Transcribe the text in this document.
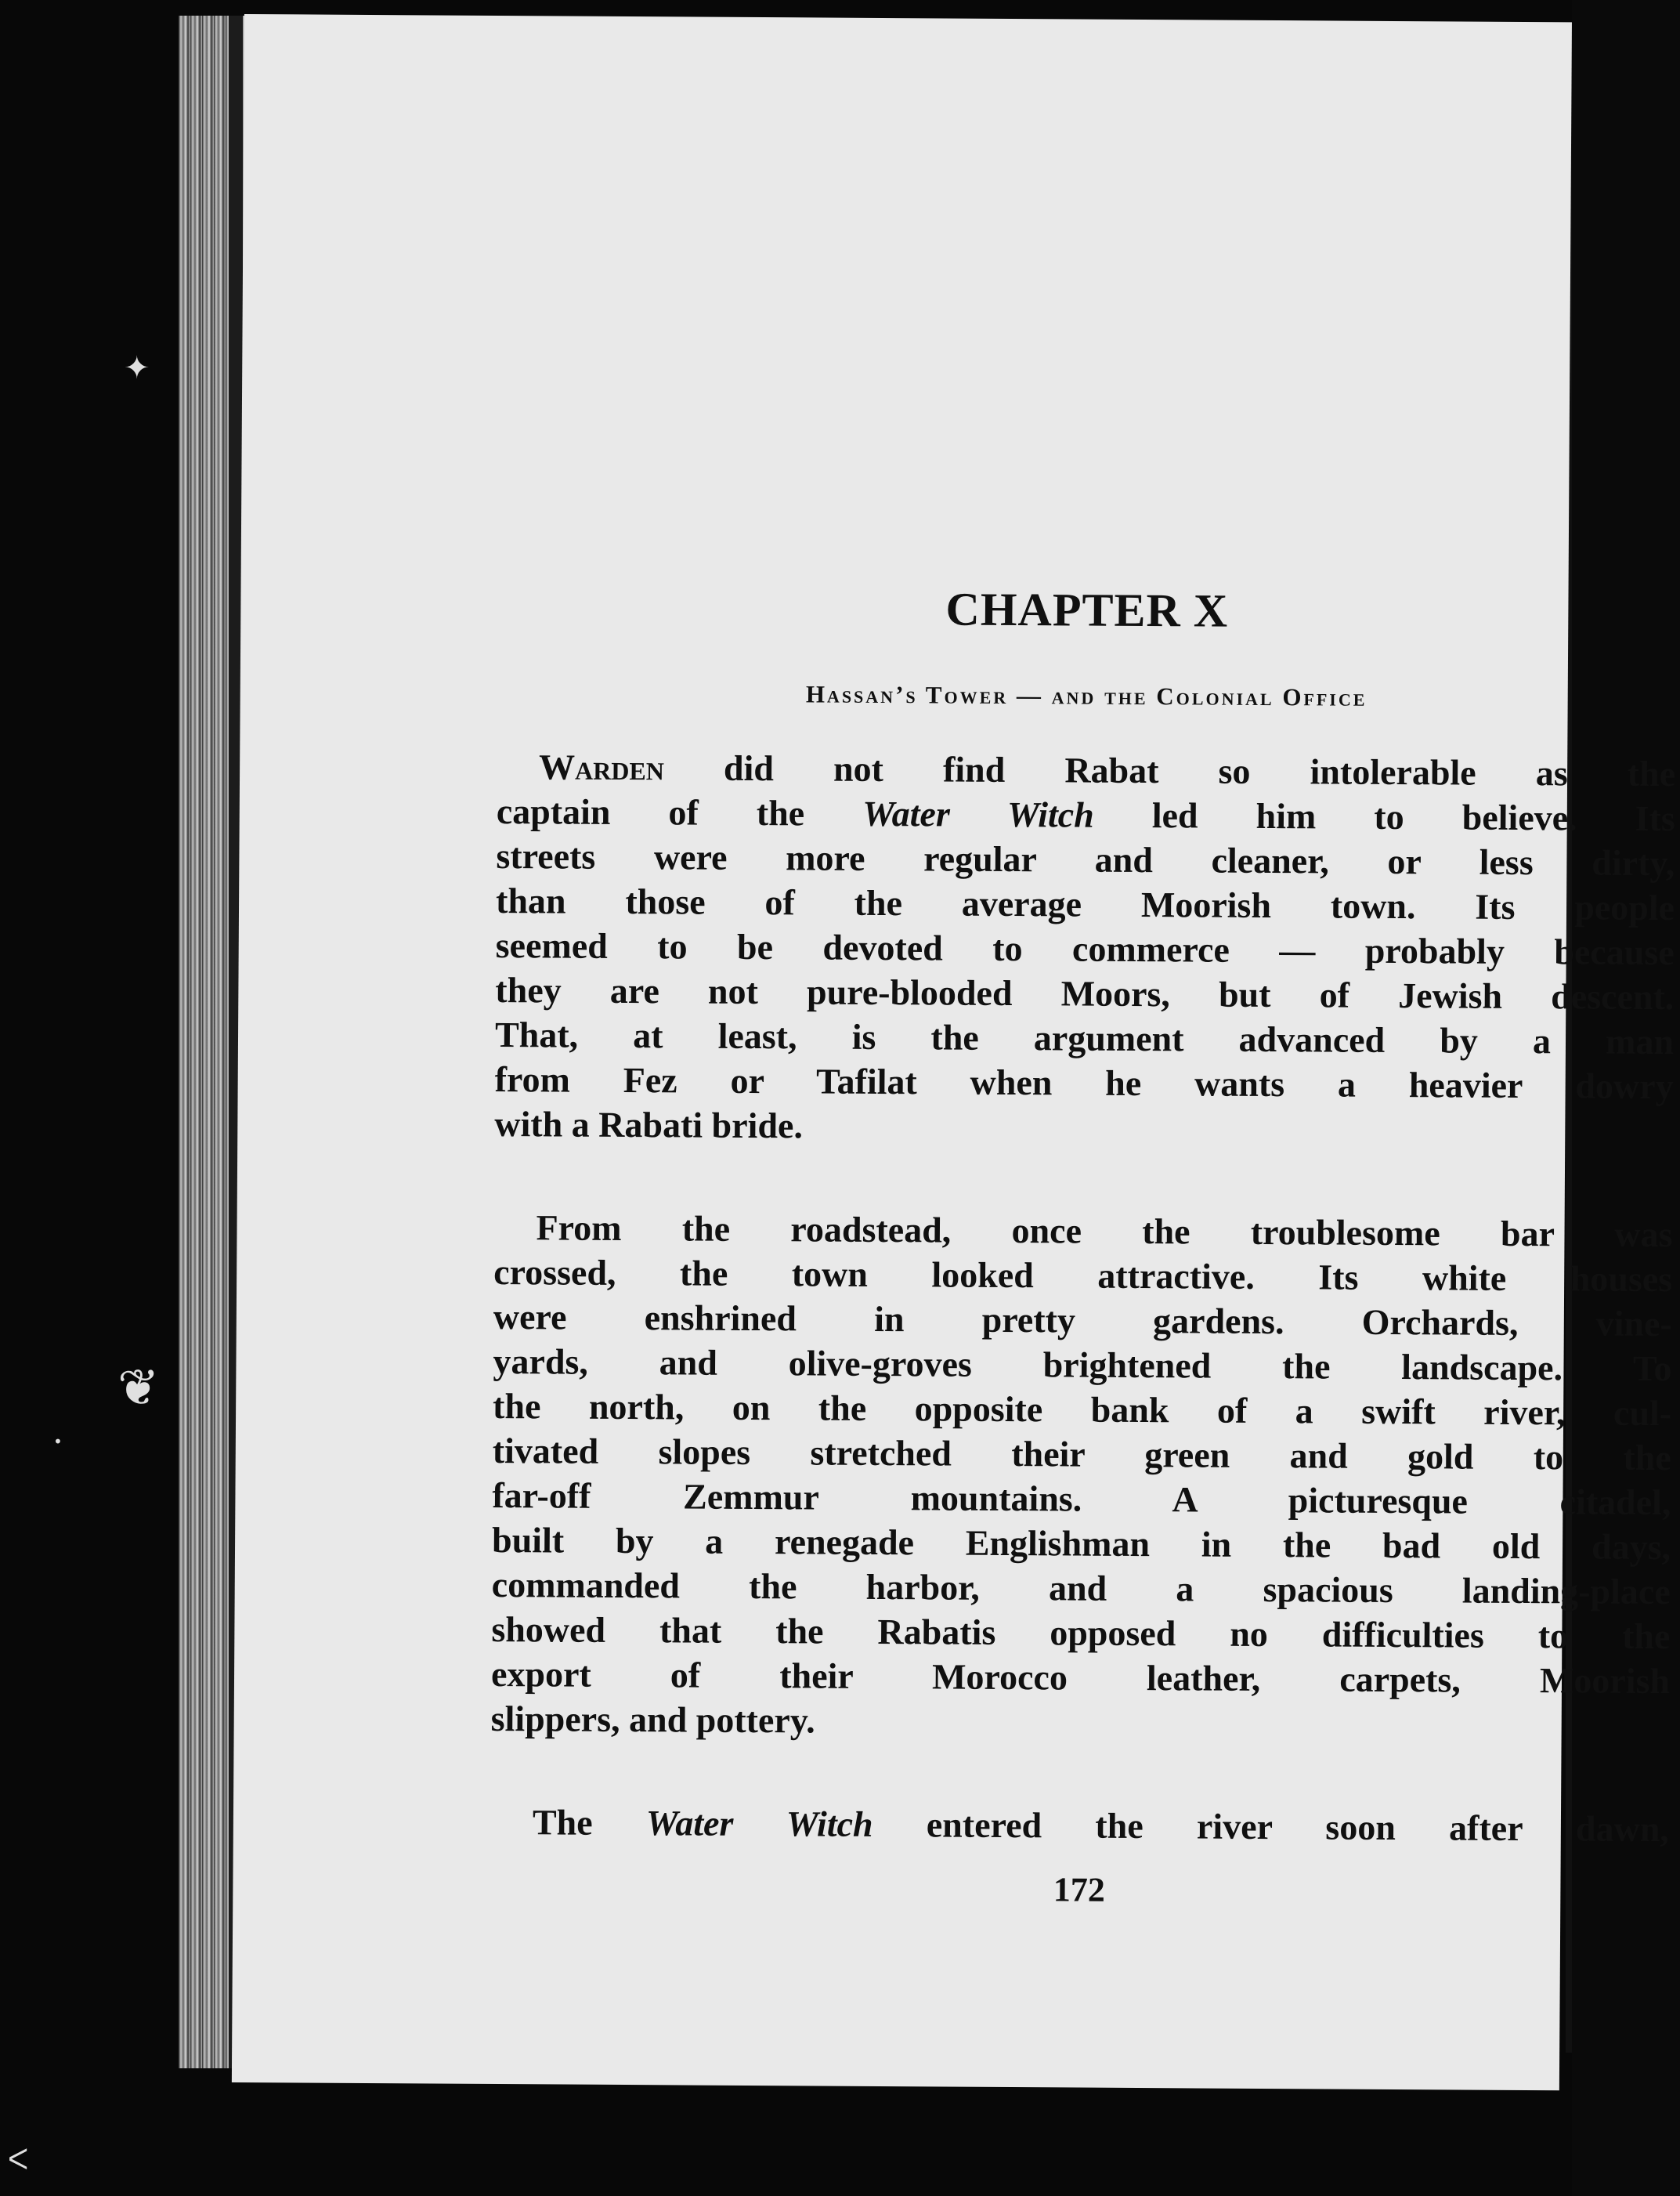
✦
❦
•
ᐸ
CHAPTER X
Hassan’s Tower — and the Colonial Office

Warden did not find Rabat so intolerable as the
captain of the Water Witch led him to believe. Its
streets were more regular and cleaner, or less dirty,
than those of the average Moorish town. Its people
seemed to be devoted to commerce — probably because
they are not pure-blooded Moors, but of Jewish descent.
That, at least, is the argument advanced by a man
from Fez or Tafilat when he wants a heavier dowry
with a Rabati bride.

From the roadstead, once the troublesome bar was
crossed, the town looked attractive. Its white houses
were enshrined in pretty gardens. Orchards, vine-
yards, and olive-groves brightened the landscape. To
the north, on the opposite bank of a swift river, cul-
tivated slopes stretched their green and gold to the
far-off Zemmur mountains. A picturesque citadel,
built by a renegade Englishman in the bad old days,
commanded the harbor, and a spacious landing-place
showed that the Rabatis opposed no difficulties to the
export of their Morocco leather, carpets, Moorish
slippers, and pottery.

The Water Witch entered the river soon after dawn,

172
